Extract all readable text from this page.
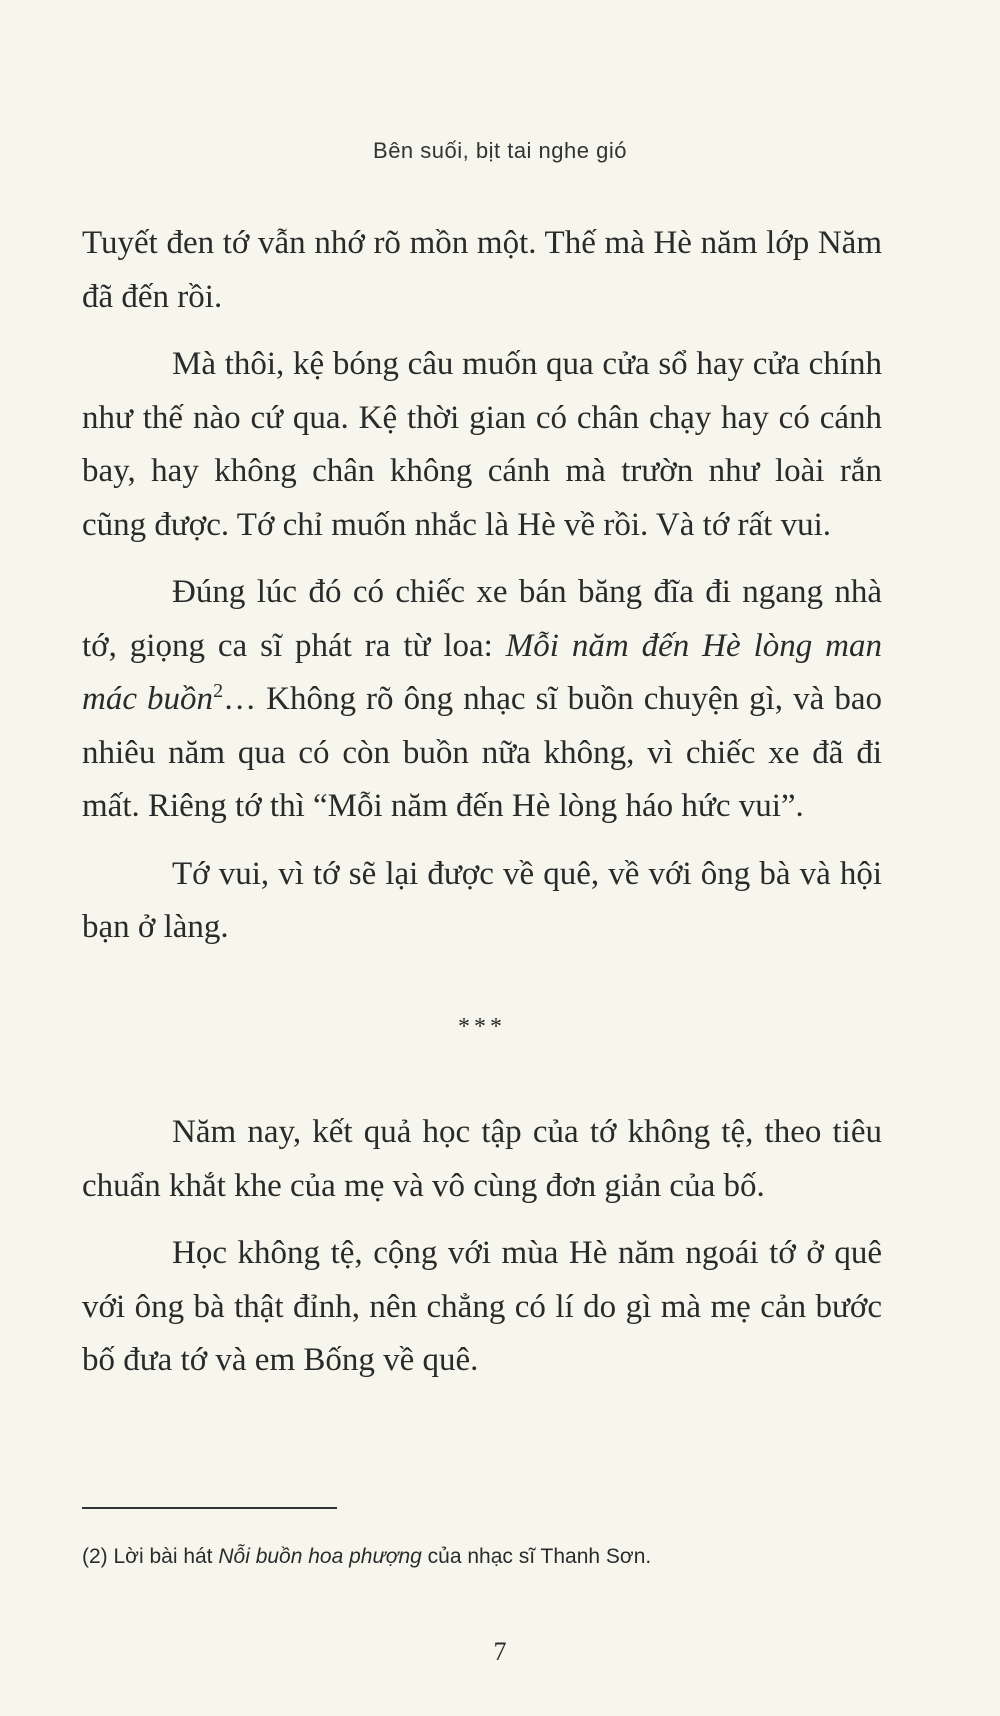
Bên suối, bịt tai nghe gió

Tuyết đen tớ vẫn nhớ rõ mồn một. Thế mà Hè năm lớp Năm đã đến rồi.

Mà thôi, kệ bóng câu muốn qua cửa sổ hay cửa chính như thế nào cứ qua. Kệ thời gian có chân chạy hay có cánh bay, hay không chân không cánh mà trườn như loài rắn cũng được. Tớ chỉ muốn nhắc là Hè về rồi. Và tớ rất vui.

Đúng lúc đó có chiếc xe bán băng đĩa đi ngang nhà tớ, giọng ca sĩ phát ra từ loa: Mỗi năm đến Hè lòng man mác buồn$^2$… Không rõ ông nhạc sĩ buồn chuyện gì, và bao nhiêu năm qua có còn buồn nữa không, vì chiếc xe đã đi mất. Riêng tớ thì “Mỗi năm đến Hè lòng háo hức vui”.

Tớ vui, vì tớ sẽ lại được về quê, về với ông bà và hội bạn ở làng.

***

Năm nay, kết quả học tập của tớ không tệ, theo tiêu chuẩn khắt khe của mẹ và vô cùng đơn giản của bố.

Học không tệ, cộng với mùa Hè năm ngoái tớ ở quê với ông bà thật đỉnh, nên chẳng có lí do gì mà mẹ cản bước bố đưa tớ và em Bống về quê.

(2) Lời bài hát Nỗi buồn hoa phượng của nhạc sĩ Thanh Sơn.
7
